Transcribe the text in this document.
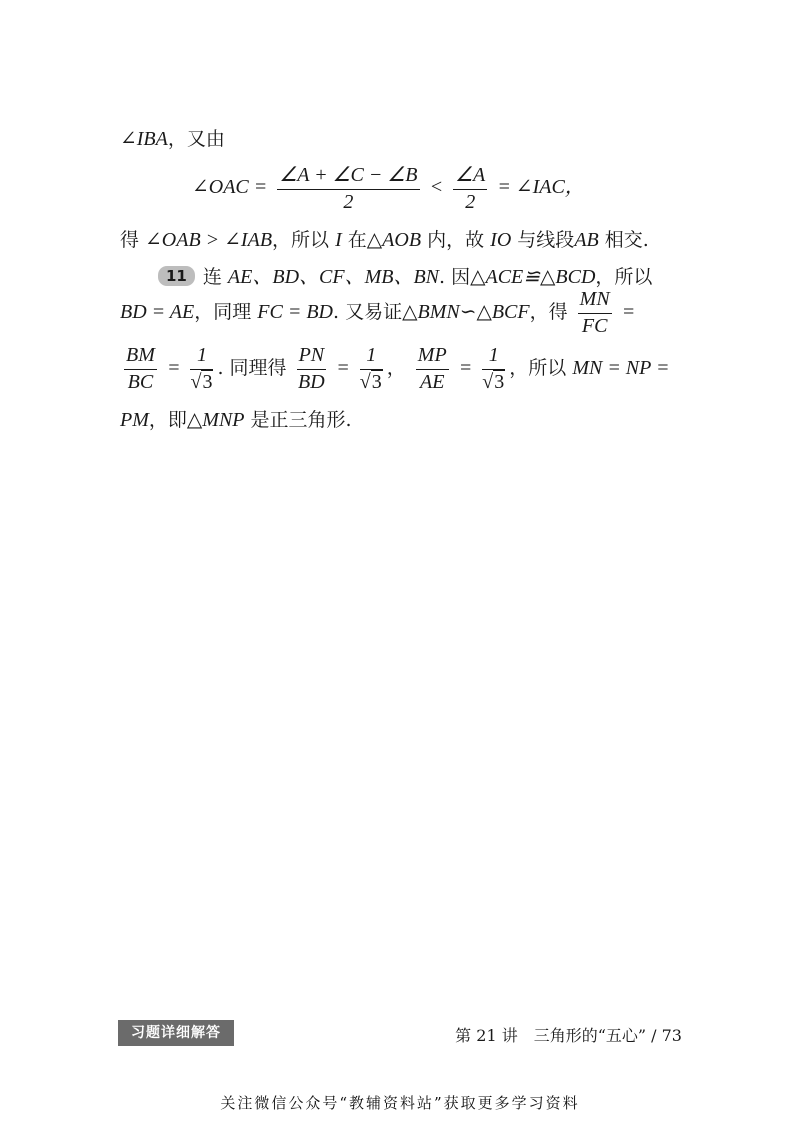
∠IBA，又由
∠OAC = $\frac{\angle A + \angle C - \angle B}{2} < \frac{\angle A}{2}$ = ∠IAC，
得 ∠OAB > ∠IAB，所以 I 在△AOB 内，故 IO 与线段AB 相交.
11 连 AE、BD、CF、MB、BN. 因△ACE≌△BCD，所以
BD = AE，同理 FC = BD. 又易证△BMN∽△BCF，得 $\frac{MN}{FC}$ =
$\frac{BM}{BC} = \frac{1}{√3}$ . 同理得 $\frac{PN}{BD} = \frac{1}{√3}$ ， $\frac{MP}{AE} = \frac{1}{√3}$ ，所以 MN = NP =
PM，即△MNP 是正三角形.
习题详细解答	第 21 讲　三角形的“五心” / 73
关注微信公众号“教辅资料站”获取更多学习资料
